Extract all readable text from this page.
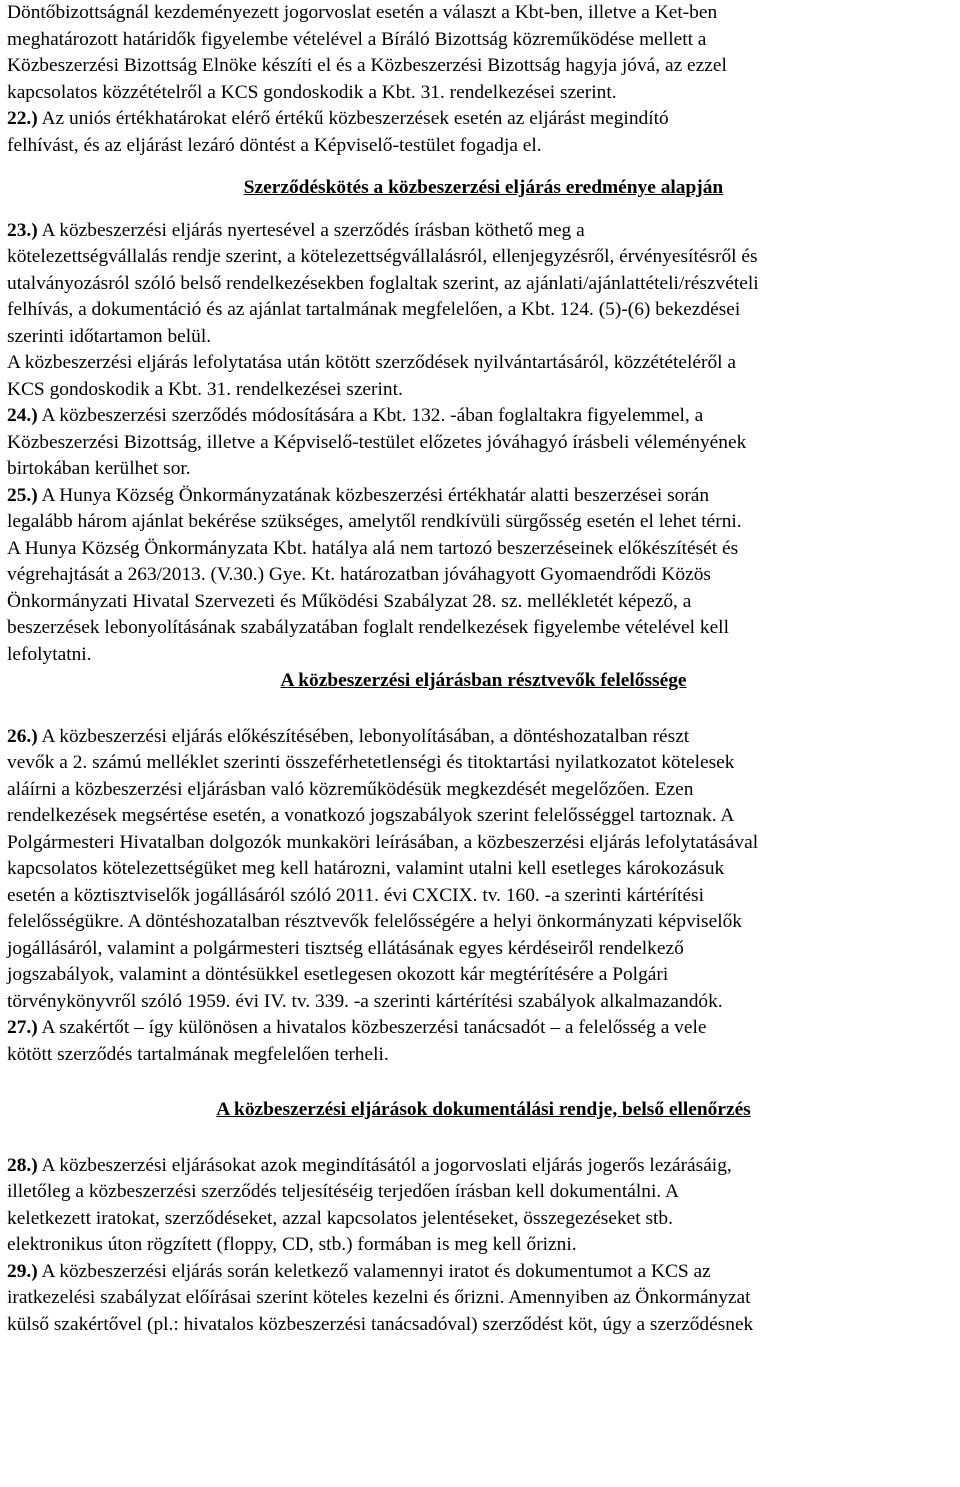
Döntőbizottságnál kezdeményezett jogorvoslat esetén a választ a Kbt-ben, illetve a Ket-ben
meghatározott határidők figyelembe vételével a Bíráló Bizottság közreműködése mellett a
Közbeszerzési Bizottság Elnöke készíti el és a Közbeszerzési Bizottság hagyja jóvá, az ezzel
kapcsolatos közzétételről a KCS gondoskodik a Kbt. 31. rendelkezései szerint.
22.) Az uniós értékhatárokat elérő értékű közbeszerzések esetén az eljárást megindító
felhívást, és az eljárást lezáró döntést a Képviselő-testület fogadja el.
Szerződéskötés a közbeszerzési eljárás eredménye alapján
23.) A közbeszerzési eljárás nyertesével a szerződés írásban köthető meg a
kötelezettségvállalás rendje szerint, a kötelezettségvállalásról, ellenjegyzésről, érvényesítésről és
utalványozásról szóló belső rendelkezésekben foglaltak szerint, az ajánlati/ajánlattételi/részvételi
felhívás, a dokumentáció és az ajánlat tartalmának megfelelően, a Kbt. 124. (5)-(6) bekezdései
szerinti időtartamon belül.
A közbeszerzési eljárás lefolytatása után kötött szerződések nyilvántartásáról, közzétételéről a
KCS gondoskodik a Kbt. 31. rendelkezései szerint.
24.) A közbeszerzési szerződés módosítására a Kbt. 132. -ában foglaltakra figyelemmel, a
Közbeszerzési Bizottság, illetve a Képviselő-testület előzetes jóváhagyó írásbeli véleményének
birtokában kerülhet sor.
25.) A Hunya Község Önkormányzatának közbeszerzési értékhatár alatti beszerzései során
legalább három ajánlat bekérése szükséges, amelytől rendkívüli sürgősség esetén el lehet térni.
A Hunya Község Önkormányzata Kbt. hatálya alá nem tartozó beszerzéseinek előkészítését és
végrehajtását a 263/2013. (V.30.) Gye. Kt. határozatban jóváhagyott Gyomaendrődi Közös
Önkormányzati Hivatal Szervezeti és Működési Szabályzat 28. sz. mellékletét képező, a
beszerzések lebonyolításának szabályzatában foglalt rendelkezések figyelembe vételével kell
lefolytatni.
A közbeszerzési eljárásban résztvevők felelőssége
26.) A közbeszerzési eljárás előkészítésében, lebonyolításában, a döntéshozatalban részt
vevők a 2. számú melléklet szerinti összeférhetetlenségi és titoktartási nyilatkozatot kötelesek
aláírni a közbeszerzési eljárásban való közreműködésük megkezdését megelőzően. Ezen
rendelkezések megsértése esetén, a vonatkozó jogszabályok szerint felelősséggel tartoznak. A
Polgármesteri Hivatalban dolgozók munkaköri leírásában, a közbeszerzési eljárás lefolytatásával
kapcsolatos kötelezettségüket meg kell határozni, valamint utalni kell esetleges károkozásuk
esetén a köztisztviselők jogállásáról szóló 2011. évi CXCIX. tv. 160. -a szerinti kártérítési
felelősségükre. A döntéshozatalban résztvevők felelősségére a helyi önkormányzati képviselők
jogállásáról, valamint a polgármesteri tisztség ellátásának egyes kérdéseiről rendelkező
jogszabályok, valamint a döntésükkel esetlegesen okozott kár megtérítésére a Polgári
törvénykönyvről szóló 1959. évi IV. tv. 339. -a szerinti kártérítési szabályok alkalmazandók.
27.) A szakértőt – így különösen a hivatalos közbeszerzési tanácsadót – a felelősség a vele
kötött szerződés tartalmának megfelelően terheli.
A közbeszerzési eljárások dokumentálási rendje, belső ellenőrzés
28.) A közbeszerzési eljárásokat azok megindításától a jogorvoslati eljárás jogerős lezárásáig,
illetőleg a közbeszerzési szerződés teljesítéséig terjedően írásban kell dokumentálni. A
keletkezett iratokat, szerződéseket, azzal kapcsolatos jelentéseket, összegezéseket stb.
elektronikus úton rögzített (floppy, CD, stb.) formában is meg kell őrizni.
29.) A közbeszerzési eljárás során keletkező valamennyi iratot és dokumentumot a KCS az
iratkezelési szabályzat előírásai szerint köteles kezelni és őrizni. Amennyiben az Önkormányzat
külső szakértővel (pl.: hivatalos közbeszerzési tanácsadóval) szerződést köt, úgy a szerződésnek
